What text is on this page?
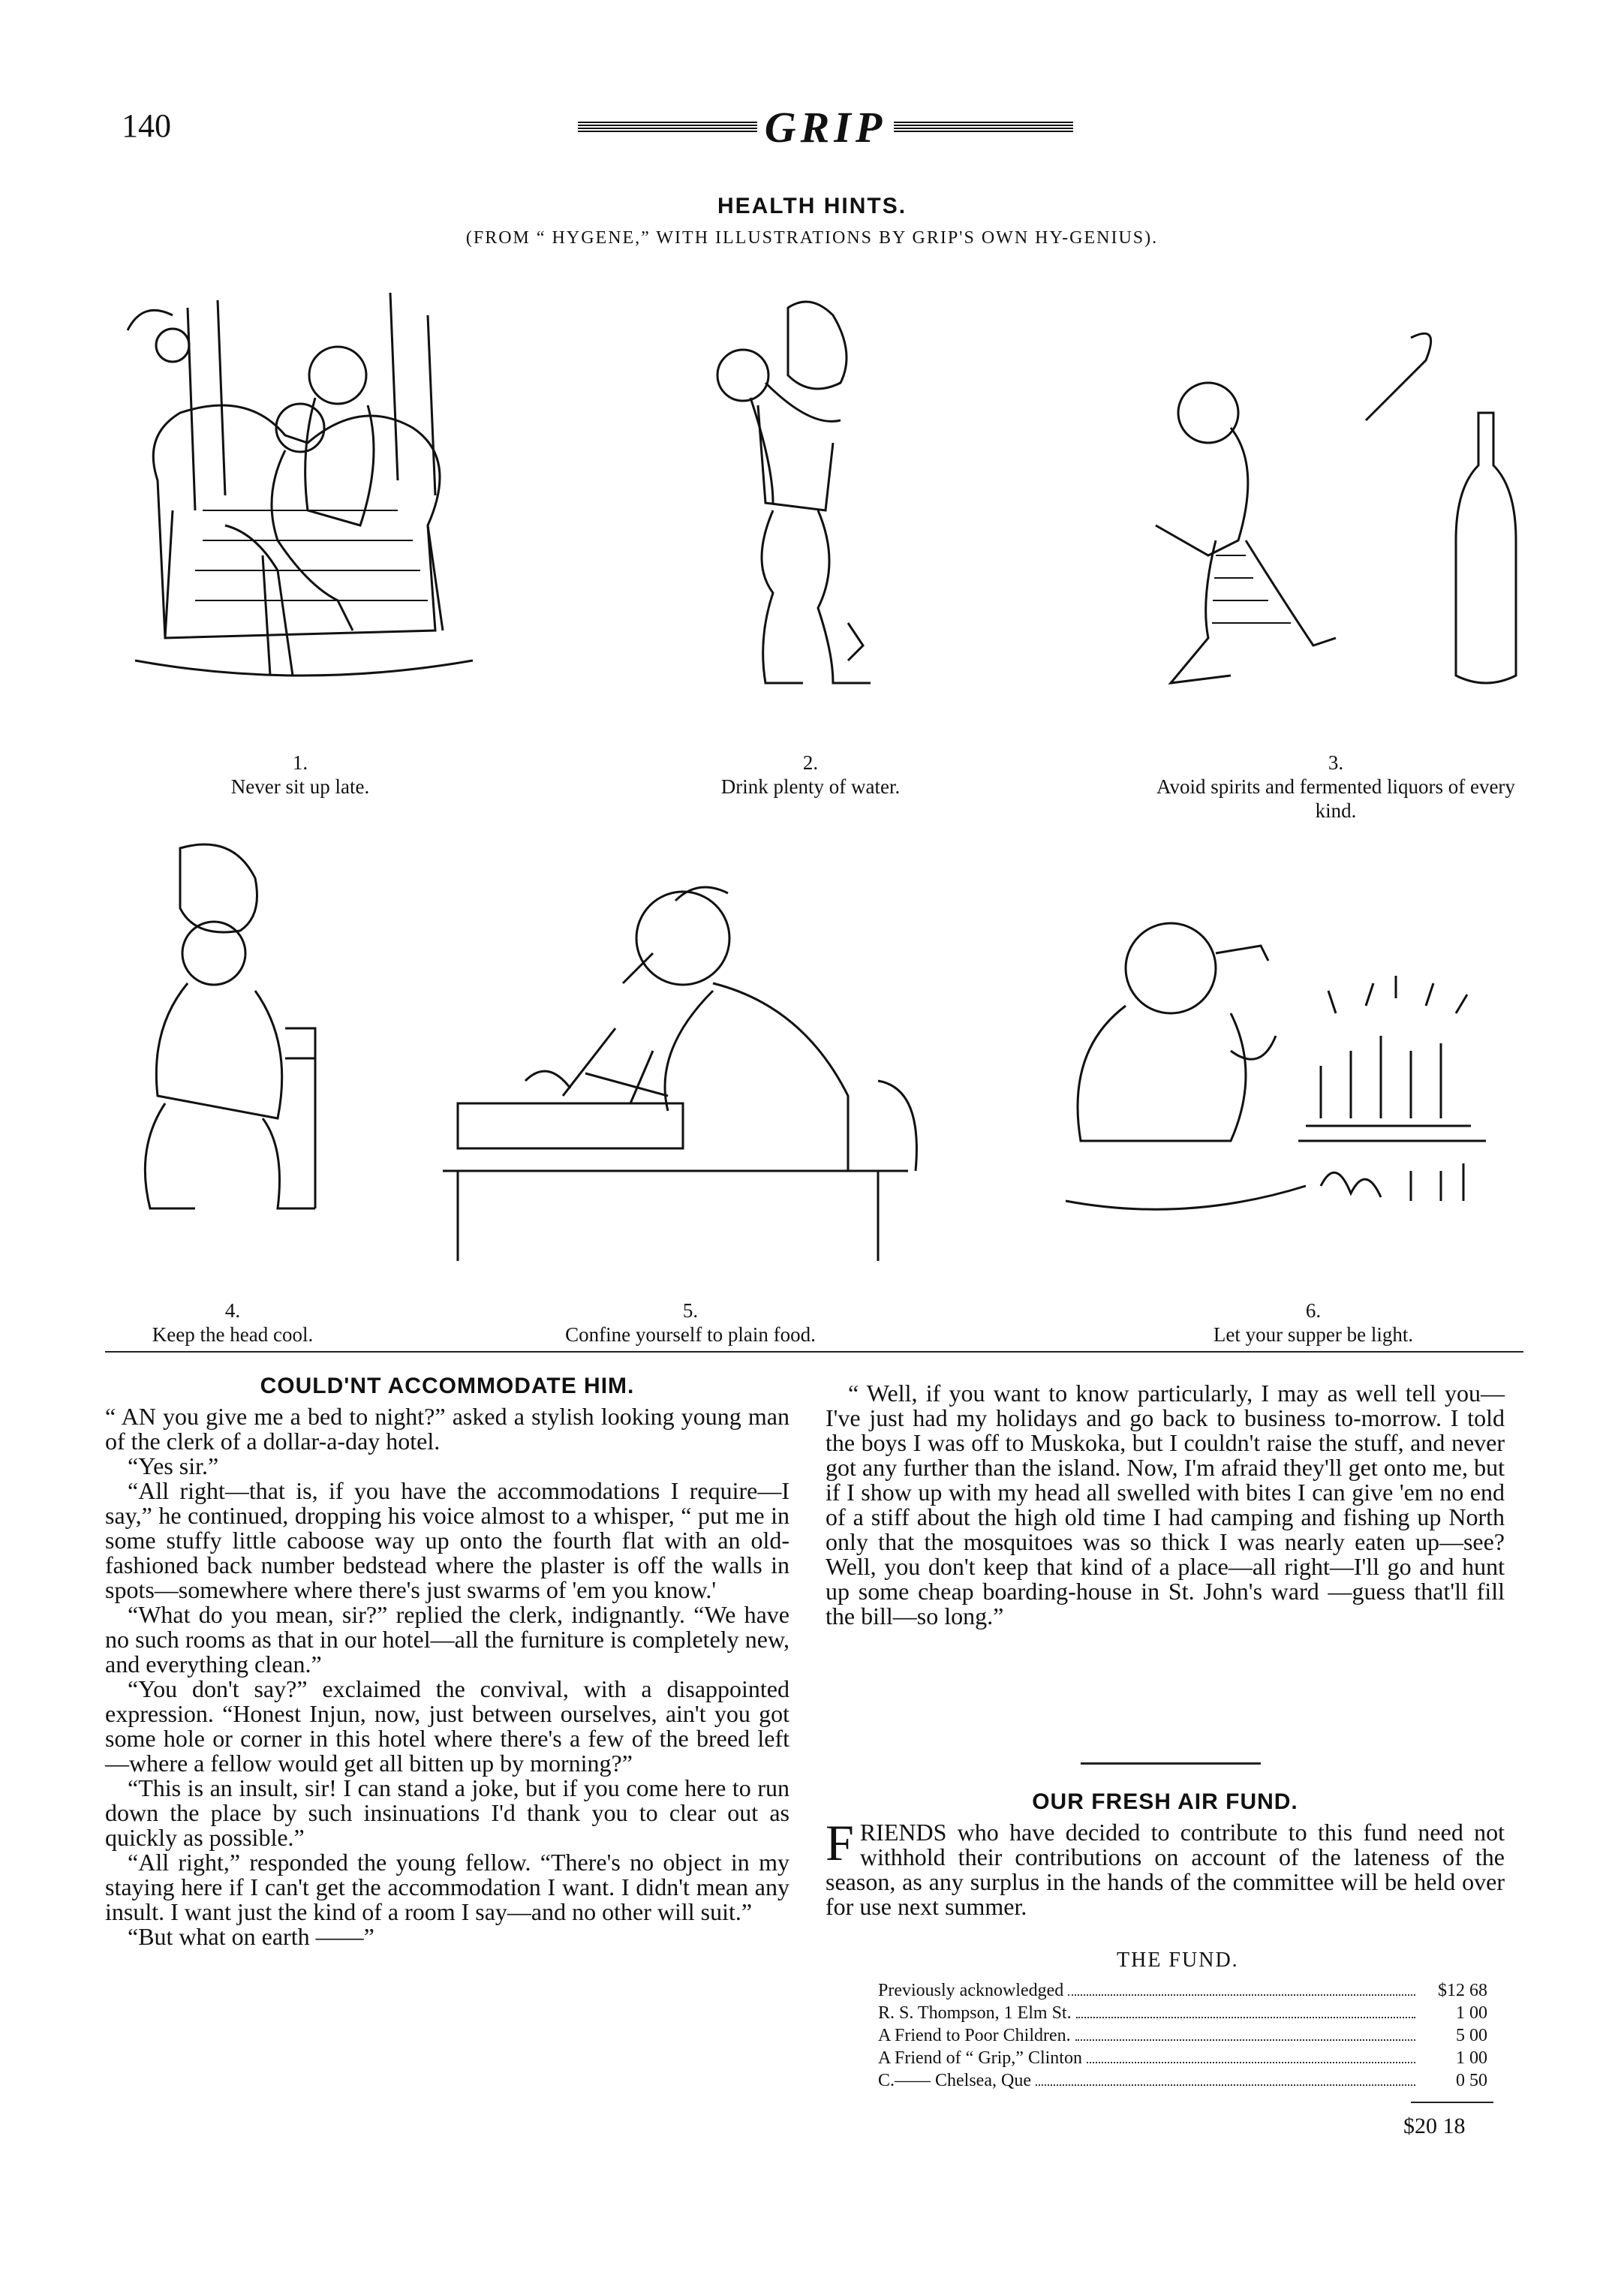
140	GRIP
HEALTH HINTS.
(FROM “ HYGENE,” WITH ILLUSTRATIONS BY GRIP'S OWN HY-GENIUS).
1.
Never sit up late.
2.
Drink plenty of water.
3.
Avoid spirits and fermented liquors of every kind.
4.
Keep the head cool.
5.
Confine yourself to plain food.
6.
Let your supper be light.
COULD'NT ACCOMMODATE HIM.

“ AN you give me a bed to night?” asked a stylish looking young man of the clerk of a dollar-a-day hotel.

“Yes sir.”

“All right—that is, if you have the accommodations I require—I say,” he continued, dropping his voice almost to a whisper, “ put me in some stuffy little caboose way up onto the fourth flat with an old-fashioned back number bedstead where the plaster is off the walls in spots—somewhere where there's just swarms of 'em you know.'

“What do you mean, sir?” replied the clerk, indignantly. “We have no such rooms as that in our hotel—all the furniture is completely new, and everything clean.”

“You don't say?” exclaimed the convival, with a disappointed expression. “Honest Injun, now, just between ourselves, ain't you got some hole or corner in this hotel where there's a few of the breed left—where a fellow would get all bitten up by morning?”

“This is an insult, sir! I can stand a joke, but if you come here to run down the place by such insinuations I'd thank you to clear out as quickly as possible.”

“All right,” responded the young fellow. “There's no object in my staying here if I can't get the accommodation I want. I didn't mean any insult. I want just the kind of a room I say—and no other will suit.”

“But what on earth ——”

“ Well, if you want to know particularly, I may as well tell you—I've just had my holidays and go back to business to-morrow. I told the boys I was off to Muskoka, but I couldn't raise the stuff, and never got any further than the island. Now, I'm afraid they'll get onto me, but if I show up with my head all swelled with bites I can give 'em no end of a stiff about the high old time I had camping and fishing up North only that the mosquitoes was so thick I was nearly eaten up—see? Well, you don't keep that kind of a place—all right—I'll go and hunt up some cheap boarding-house in St. John's ward —guess that'll fill the bill—so long.”

OUR FRESH AIR FUND.

FRIENDS who have decided to contribute to this fund need not withhold their contributions on account of the lateness of the season, as any surplus in the hands of the committee will be held over for use next summer.

THE FUND.
Previously acknowledged	$12 68
R. S. Thompson, 1 Elm St.	1 00
A Friend to Poor Children.	5 00
A Friend of “ Grip,” Clinton	1 00
C.—— Chelsea, Que	0 50
$20 18
